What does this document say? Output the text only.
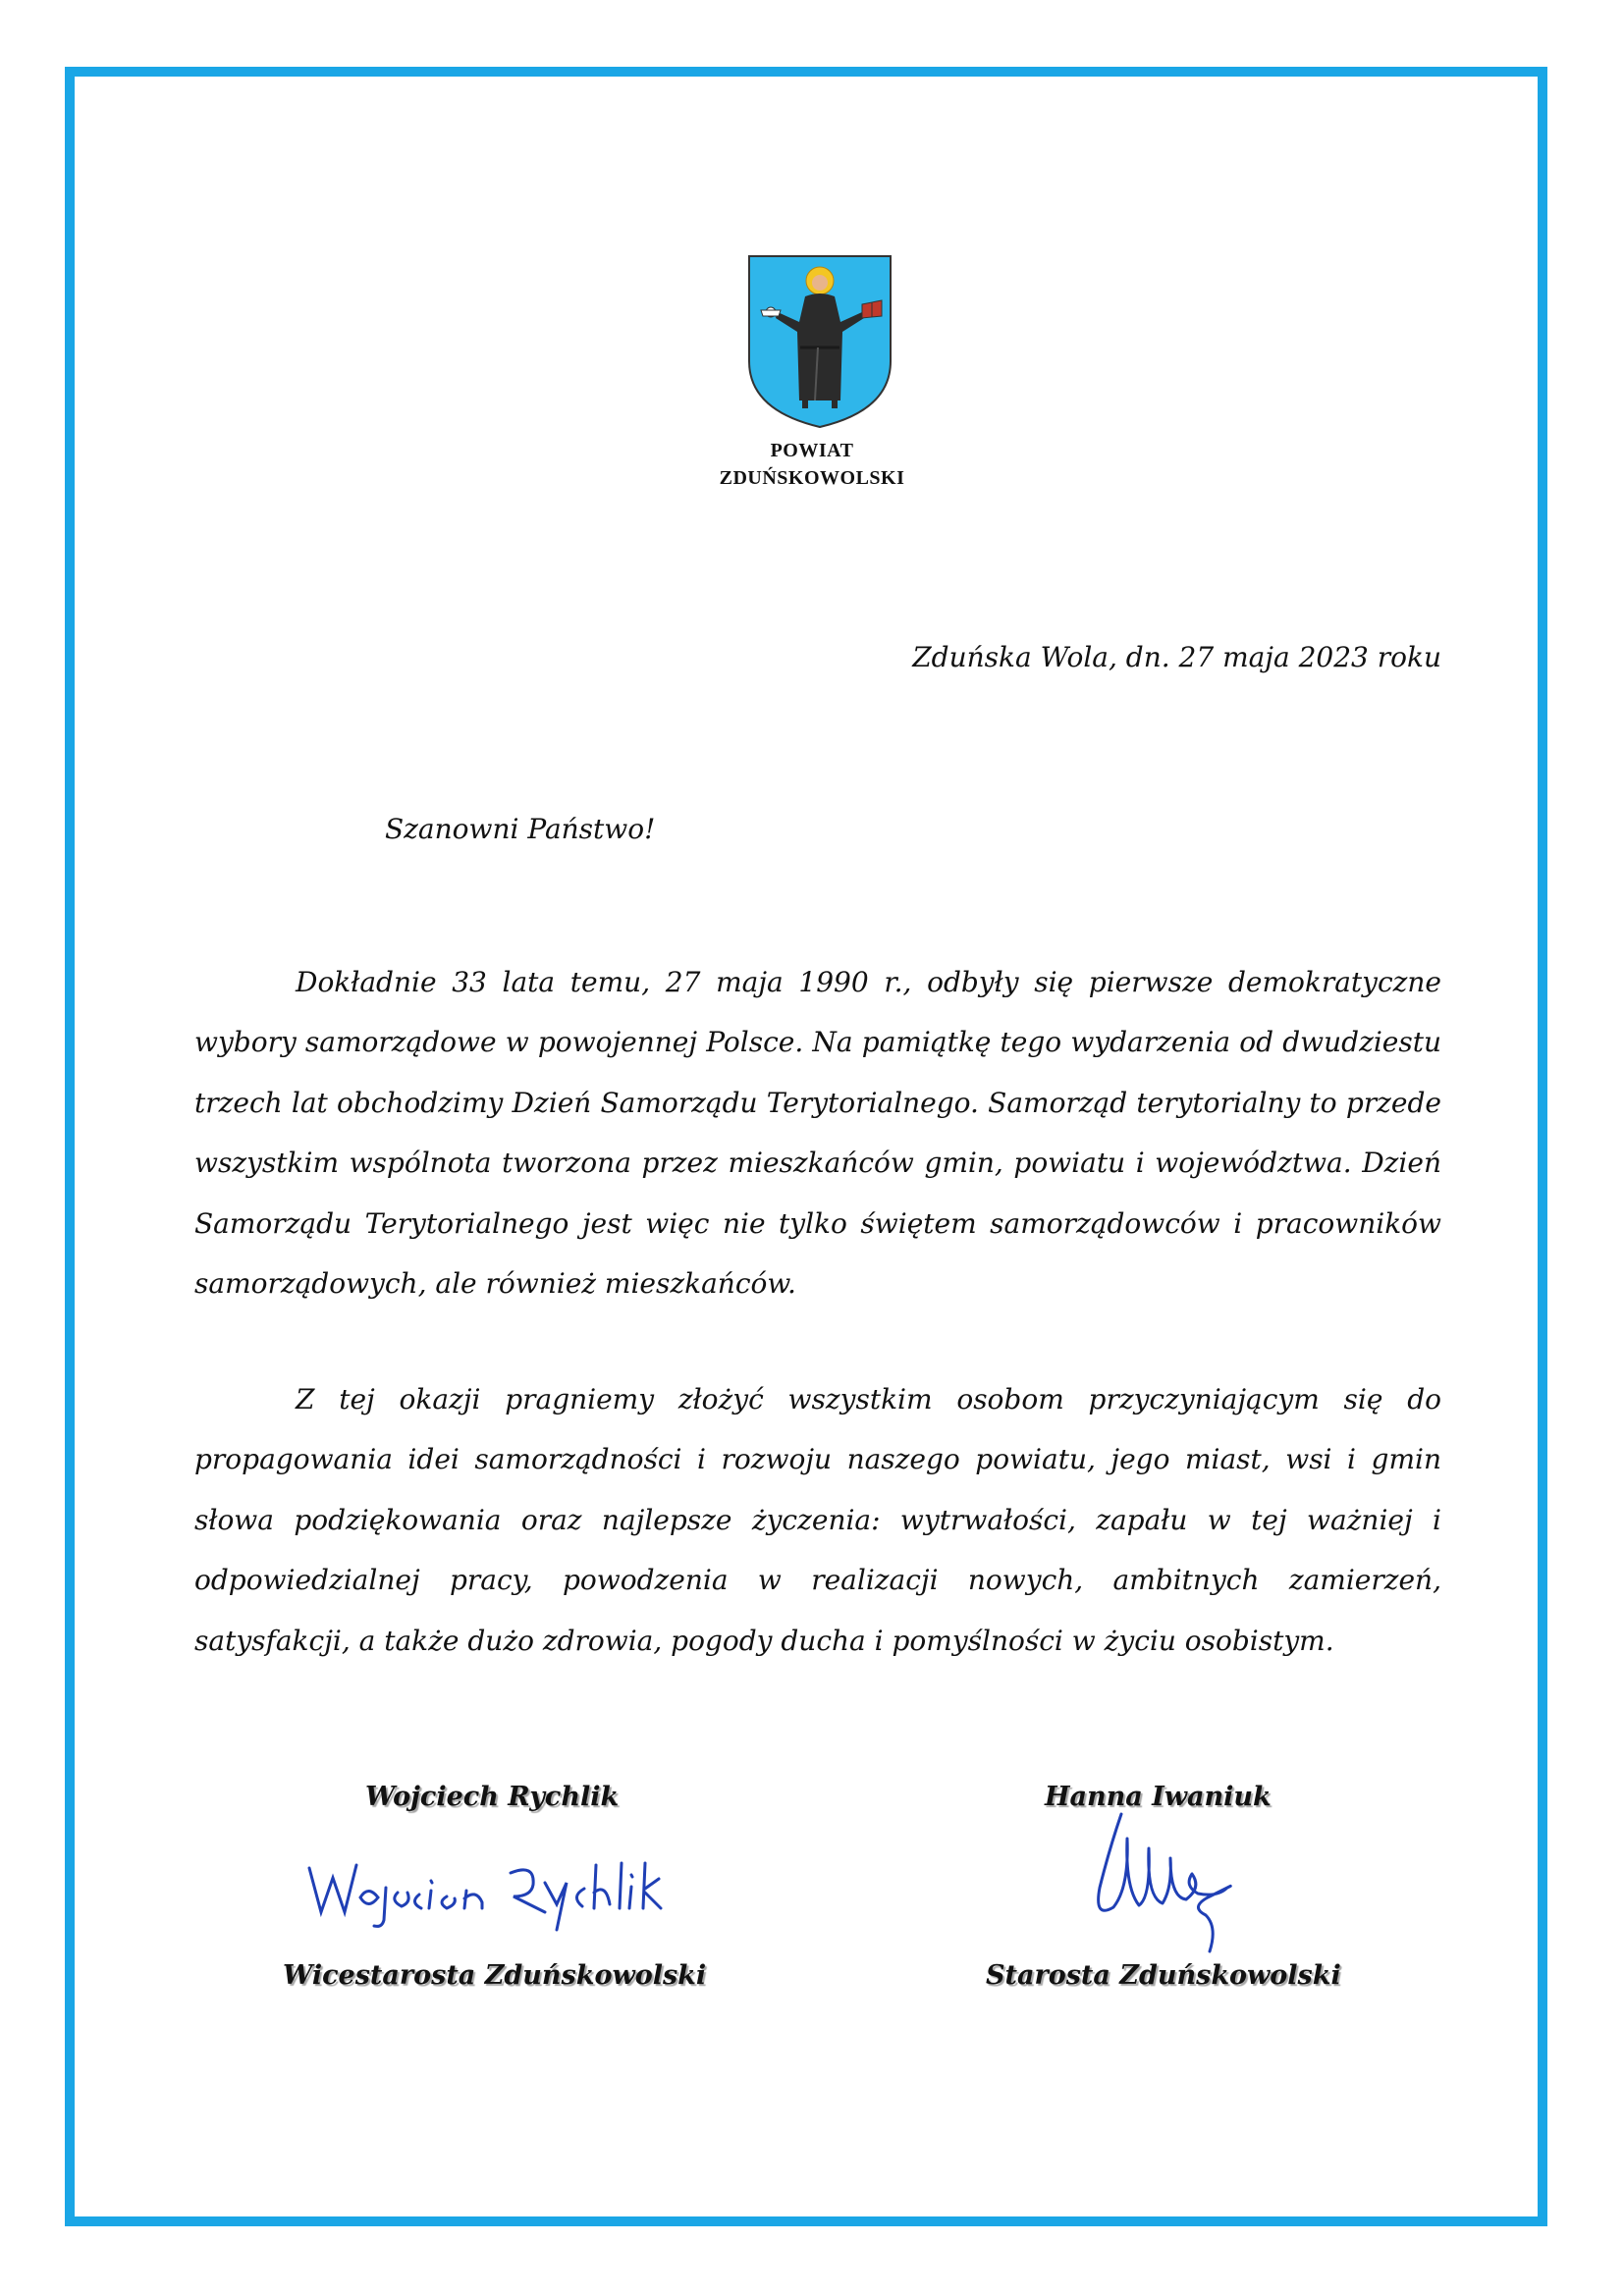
POWIAT
ZDUŃSKOWOLSKI
Zduńska Wola, dn. 27 maja 2023 roku
Szanowni Państwo!

Dokładnie 33 lata temu, 27 maja 1990 r., odbyły się pierwsze demokratyczne wybory samorządowe w powojennej Polsce. Na pamiątkę tego wydarzenia od dwudziestu trzech lat obchodzimy Dzień Samorządu Terytorialnego. Samorząd terytorialny to przede wszystkim wspólnota tworzona przez mieszkańców gmin, powiatu i województwa. Dzień Samorządu Terytorialnego jest więc nie tylko świętem samorządowców i pracowników samorządowych, ale również mieszkańców.

Z tej okazji pragniemy złożyć wszystkim osobom przyczyniającym się do propagowania idei samorządności i rozwoju naszego powiatu, jego miast, wsi i gmin słowa podziękowania oraz najlepsze życzenia: wytrwałości, zapału w tej ważniej i odpowiedzialnej pracy, powodzenia w realizacji nowych, ambitnych zamierzeń, satysfakcji, a także dużo zdrowia, pogody ducha i pomyślności w życiu osobistym.

Wojciech Rychlik
Wicestarosta Zduńskowolski
Hanna Iwaniuk
Starosta Zduńskowolski
